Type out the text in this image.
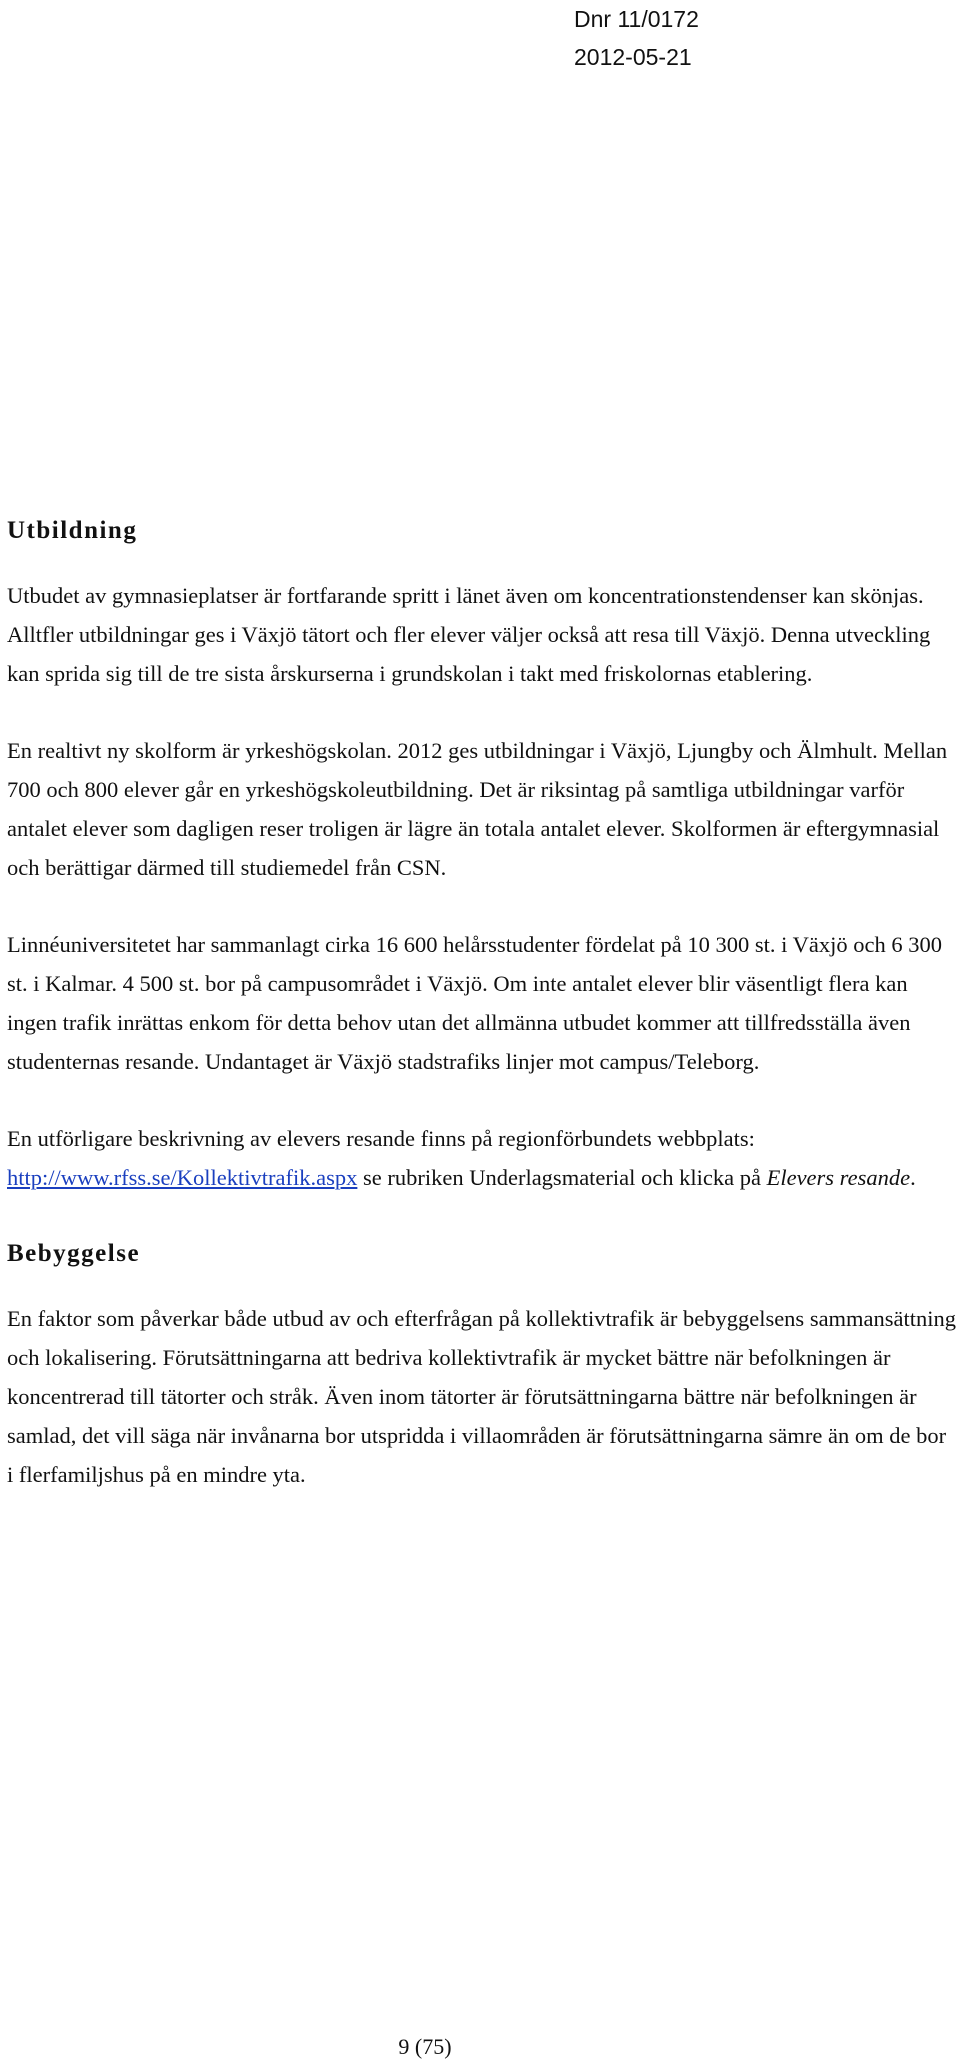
Dnr 11/0172
2012-05-21
Utbildning

Utbudet av gymnasieplatser är fortfarande spritt i länet även om koncentrationstendenser kan skönjas. Alltfler utbildningar ges i Växjö tätort och fler elever väljer också att resa till Växjö. Denna utveckling kan sprida sig till de tre sista årskurserna i grundskolan i takt med friskolornas etablering.

En realtivt ny skolform är yrkeshögskolan. 2012 ges utbildningar i Växjö, Ljungby och Älmhult. Mellan 700 och 800 elever går en yrkeshögskoleutbildning. Det är riksintag på samtliga utbildningar varför antalet elever som dagligen reser troligen är lägre än totala antalet elever. Skolformen är eftergymnasial och berättigar därmed till studiemedel från CSN.

Linnéuniversitetet har sammanlagt cirka 16 600 helårsstudenter fördelat på 10 300 st. i Växjö och 6 300 st. i Kalmar. 4 500 st. bor på campusområdet i Växjö. Om inte antalet elever blir väsentligt flera kan ingen trafik inrättas enkom för detta behov utan det allmänna utbudet kommer att tillfredsställa även studenternas resande. Undantaget är Växjö stadstrafiks linjer mot campus/Teleborg.

En utförligare beskrivning av elevers resande finns på regionförbundets webbplats: http://www.rfss.se/Kollektivtrafik.aspx se rubriken Underlagsmaterial och klicka på Elevers resande.

Bebyggelse

En faktor som påverkar både utbud av och efterfrågan på kollektivtrafik är bebyggelsens sammansättning och lokalisering. Förutsättningarna att bedriva kollektivtrafik är mycket bättre när befolkningen är koncentrerad till tätorter och stråk. Även inom tätorter är förutsättningarna bättre när befolkningen är samlad, det vill säga när invånarna bor utspridda i villaområden är förutsättningarna sämre än om de bor i flerfamiljshus på en mindre yta.

9 (75)
